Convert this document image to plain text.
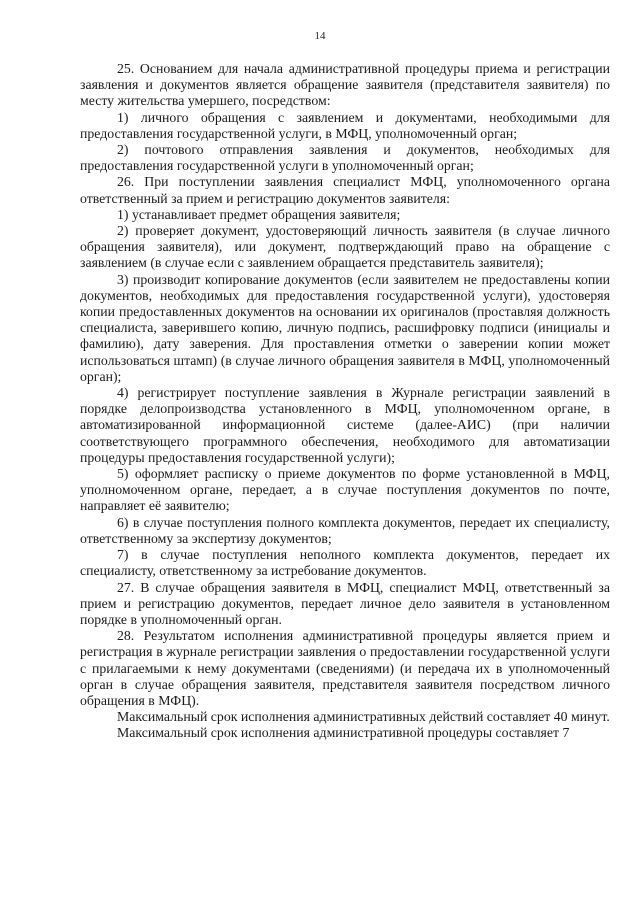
14

25. Основанием для начала административной процедуры приема и регистрации заявления и документов является обращение заявителя (представителя заявителя) по месту жительства умершего, посредством:

1) личного обращения с заявлением и документами, необходимыми для предоставления государственной услуги, в МФЦ, уполномоченный орган;

2) почтового отправления заявления и документов, необходимых для предоставления государственной услуги в уполномоченный орган;

26. При поступлении заявления специалист МФЦ, уполномоченного органа ответственный за прием и регистрацию документов заявителя:

1) устанавливает предмет обращения заявителя;

2) проверяет документ, удостоверяющий личность заявителя (в случае личного обращения заявителя), или документ, подтверждающий право на обращение с заявлением (в случае если с заявлением обращается представитель заявителя);

3) производит копирование документов (если заявителем не предоставлены копии документов, необходимых для предоставления государственной услуги), удостоверяя копии предоставленных документов на основании их оригиналов (проставляя должность специалиста, заверившего копию, личную подпись, расшифровку подписи (инициалы и фамилию), дату заверения. Для проставления отметки о заверении копии может использоваться штамп) (в случае личного обращения заявителя в МФЦ, уполномоченный орган);

4) регистрирует поступление заявления в Журнале регистрации заявлений в порядке делопроизводства установленного в МФЦ, уполномоченном органе, в автоматизированной информационной системе (далее-АИС) (при наличии соответствующего программного обеспечения, необходимого для автоматизации процедуры предоставления государственной услуги);

5) оформляет расписку о приеме документов по форме установленной в МФЦ, уполномоченном органе, передает, а в случае поступления документов по почте, направляет её заявителю;

6) в случае поступления полного комплекта документов, передает их специалисту, ответственному за экспертизу документов;

7) в случае поступления неполного комплекта документов, передает их специалисту, ответственному за истребование документов.

27. В случае обращения заявителя в МФЦ, специалист МФЦ, ответственный за прием и регистрацию документов, передает личное дело заявителя в установленном порядке в уполномоченный орган.

28. Результатом исполнения административной процедуры является прием и регистрация в журнале регистрации заявления о предоставлении государственной услуги с прилагаемыми к нему документами (сведениями) (и передача их в уполномоченный орган в случае обращения заявителя, представителя заявителя посредством личного обращения в МФЦ).

Максимальный срок исполнения административных действий составляет 40 минут.

Максимальный срок исполнения административной процедуры составляет 7
